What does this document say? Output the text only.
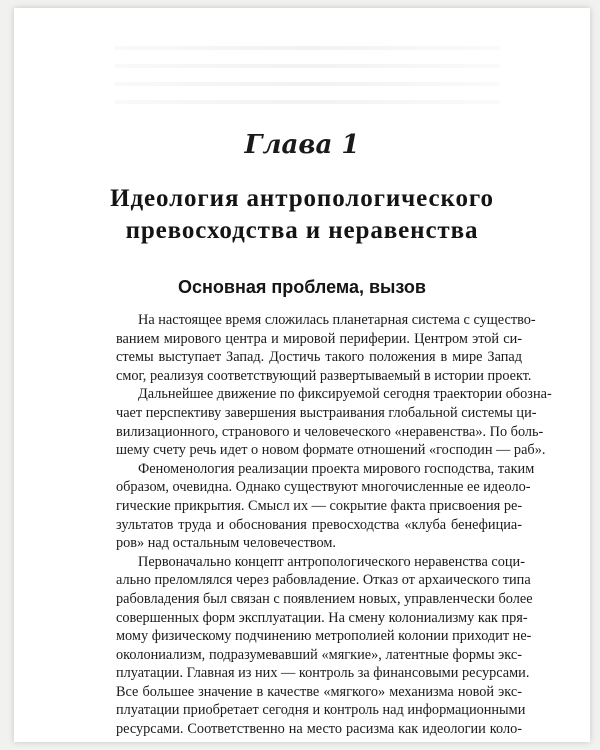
Глава 1
Идеология антропологического
превосходства и неравенства
Основная проблема, вызов

На настоящее время сложилась планетарная система с существо-
ванием мирового центра и мировой периферии. Центром этой си-
стемы выступает Запад. Достичь такого положения в мире Запад
смог, реализуя соответствующий развертываемый в истории проект.

Дальнейшее движение по фиксируемой сегодня траектории обозна-
чает перспективу завершения выстраивания глобальной системы ци-
вилизационного, странового и человеческого «неравенства». По боль-
шему счету речь идет о новом формате отношений «господин — раб».

Феноменология реализации проекта мирового господства, таким
образом, очевидна. Однако существуют многочисленные ее идеоло-
гические прикрытия. Смысл их — сокрытие факта присвоения ре-
зультатов труда и обоснования превосходства «клуба бенефициа-
ров» над остальным человечеством.

Первоначально концепт антропологического неравенства соци-
ально преломлялся через рабовладение. Отказ от архаического типа
рабовладения был связан с появлением новых, управленчески более
совершенных форм эксплуатации. На смену колониализму как пря-
мому физическому подчинению метрополией колонии приходит не-
околониализм, подразумевавший «мягкие», латентные формы экс-
плуатации. Главная из них — контроль за финансовыми ресурсами.
Все большее значение в качестве «мягкого» механизма новой экс-
плуатации приобретает сегодня и контроль над информационными
ресурсами. Соответственно на место расизма как идеологии коло-
